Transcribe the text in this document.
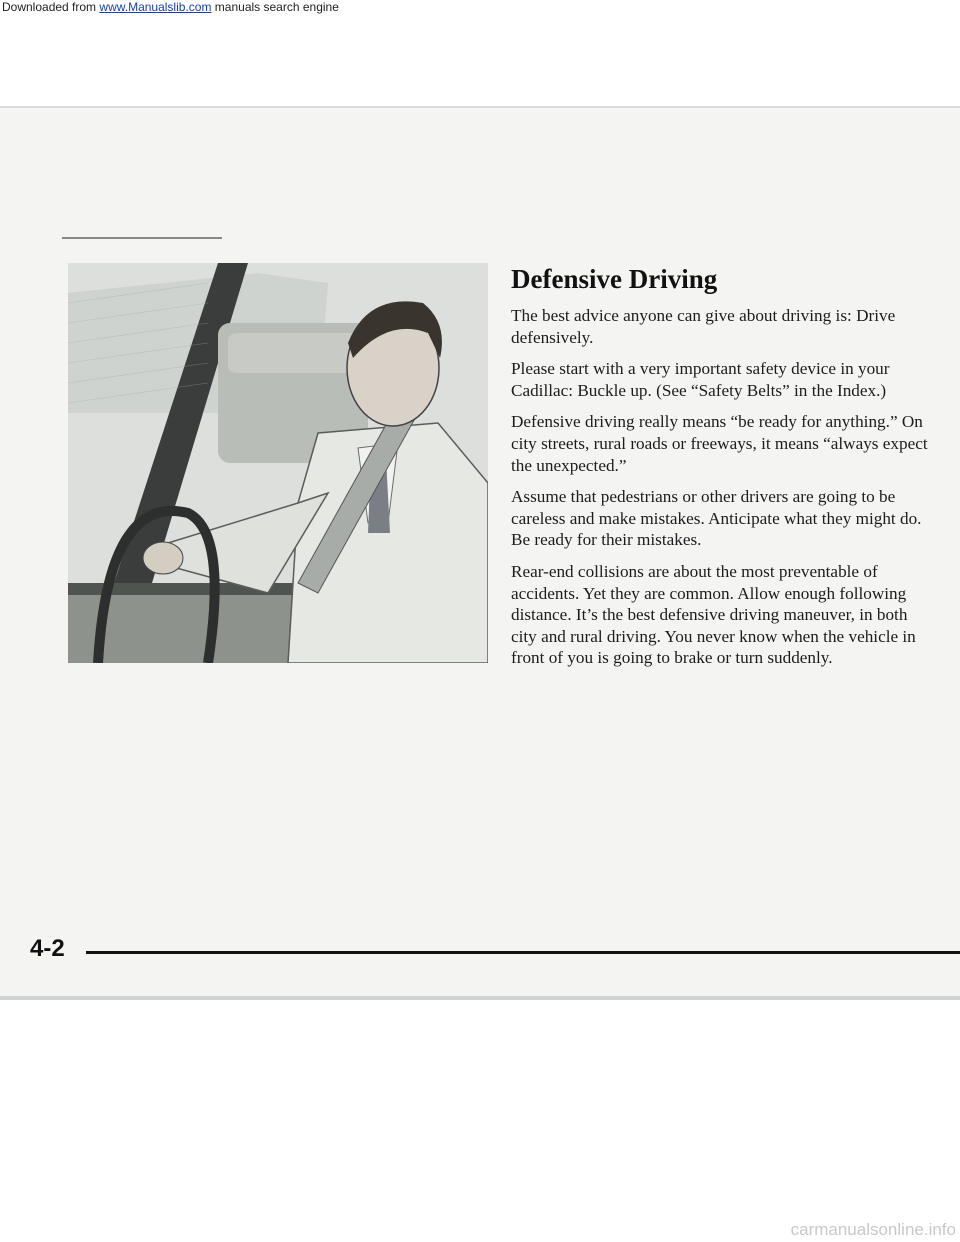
Downloaded from www.Manualslib.com manuals search engine
Defensive Driving

The best advice anyone can give about driving is: Drive defensively.

Please start with a very important safety device in your Cadillac: Buckle up. (See “Safety Belts” in the Index.)

Defensive driving really means “be ready for anything.” On city streets, rural roads or freeways, it means “always expect the unexpected.”

Assume that pedestrians or other drivers are going to be careless and make mistakes. Anticipate what they might do. Be ready for their mistakes.

Rear-end collisions are about the most preventable of accidents. Yet they are common. Allow enough following distance. It’s the best defensive driving maneuver, in both city and rural driving. You never know when the vehicle in front of you is going to brake or turn suddenly.

4-2
carmanualsonline.info
